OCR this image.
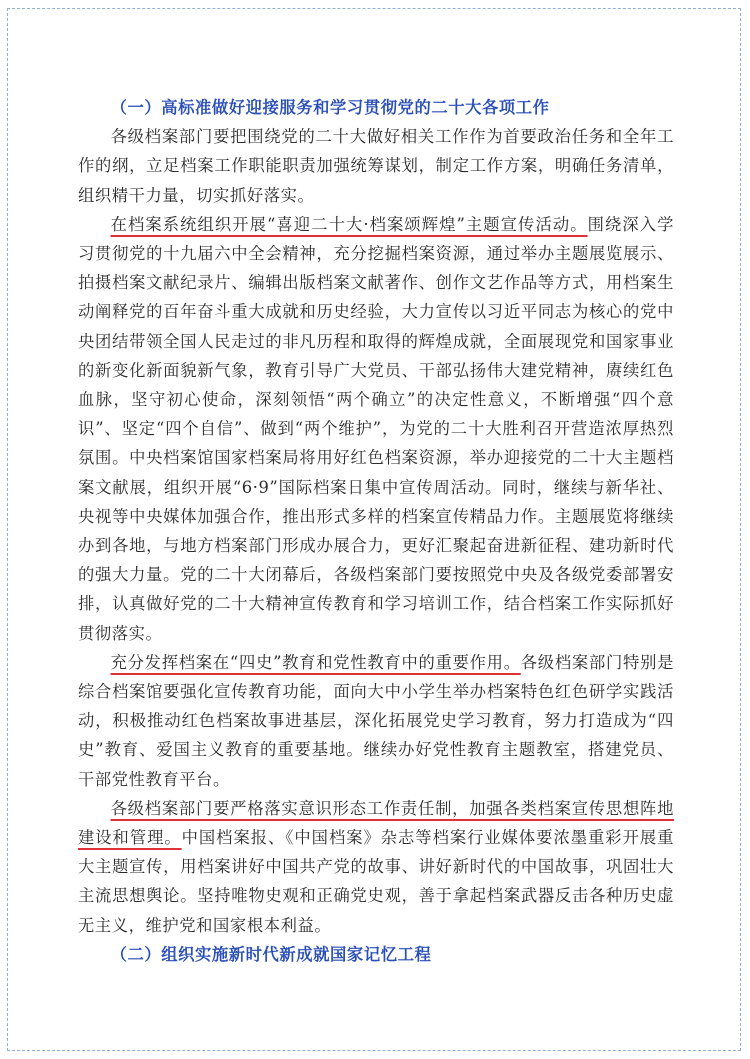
（一）高标准做好迎接服务和学习贯彻党的二十大各项工作

各级档案部门要把围绕党的二十大做好相关工作作为首要政治任务和全年工作的纲，立足档案工作职能职责加强统筹谋划，制定工作方案，明确任务清单，组织精干力量，切实抓好落实。

在档案系统组织开展“喜迎二十大·档案颂辉煌”主题宣传活动。围绕深入学习贯彻党的十九届六中全会精神，充分挖掘档案资源，通过举办主题展览展示、拍摄档案文献纪录片、编辑出版档案文献著作、创作文艺作品等方式，用档案生动阐释党的百年奋斗重大成就和历史经验，大力宣传以习近平同志为核心的党中央团结带领全国人民走过的非凡历程和取得的辉煌成就，全面展现党和国家事业的新变化新面貌新气象，教育引导广大党员、干部弘扬伟大建党精神，赓续红色血脉，坚守初心使命，深刻领悟“两个确立”的决定性意义，不断增强“四个意识”、坚定“四个自信”、做到“两个维护”，为党的二十大胜利召开营造浓厚热烈氛围。中央档案馆国家档案局将用好红色档案资源，举办迎接党的二十大主题档案文献展，组织开展“6·9”国际档案日集中宣传周活动。同时，继续与新华社、央视等中央媒体加强合作，推出形式多样的档案宣传精品力作。主题展览将继续办到各地，与地方档案部门形成办展合力，更好汇聚起奋进新征程、建功新时代的强大力量。党的二十大闭幕后，各级档案部门要按照党中央及各级党委部署安排，认真做好党的二十大精神宣传教育和学习培训工作，结合档案工作实际抓好贯彻落实。

充分发挥档案在“四史”教育和党性教育中的重要作用。各级档案部门特别是综合档案馆要强化宣传教育功能，面向大中小学生举办档案特色红色研学实践活动，积极推动红色档案故事进基层，深化拓展党史学习教育，努力打造成为“四史”教育、爱国主义教育的重要基地。继续办好党性教育主题教室，搭建党员、干部党性教育平台。

各级档案部门要严格落实意识形态工作责任制，加强各类档案宣传思想阵地建设和管理。中国档案报、《中国档案》杂志等档案行业媒体要浓墨重彩开展重大主题宣传，用档案讲好中国共产党的故事、讲好新时代的中国故事，巩固壮大主流思想舆论。坚持唯物史观和正确党史观，善于拿起档案武器反击各种历史虚无主义，维护党和国家根本利益。

（二）组织实施新时代新成就国家记忆工程
